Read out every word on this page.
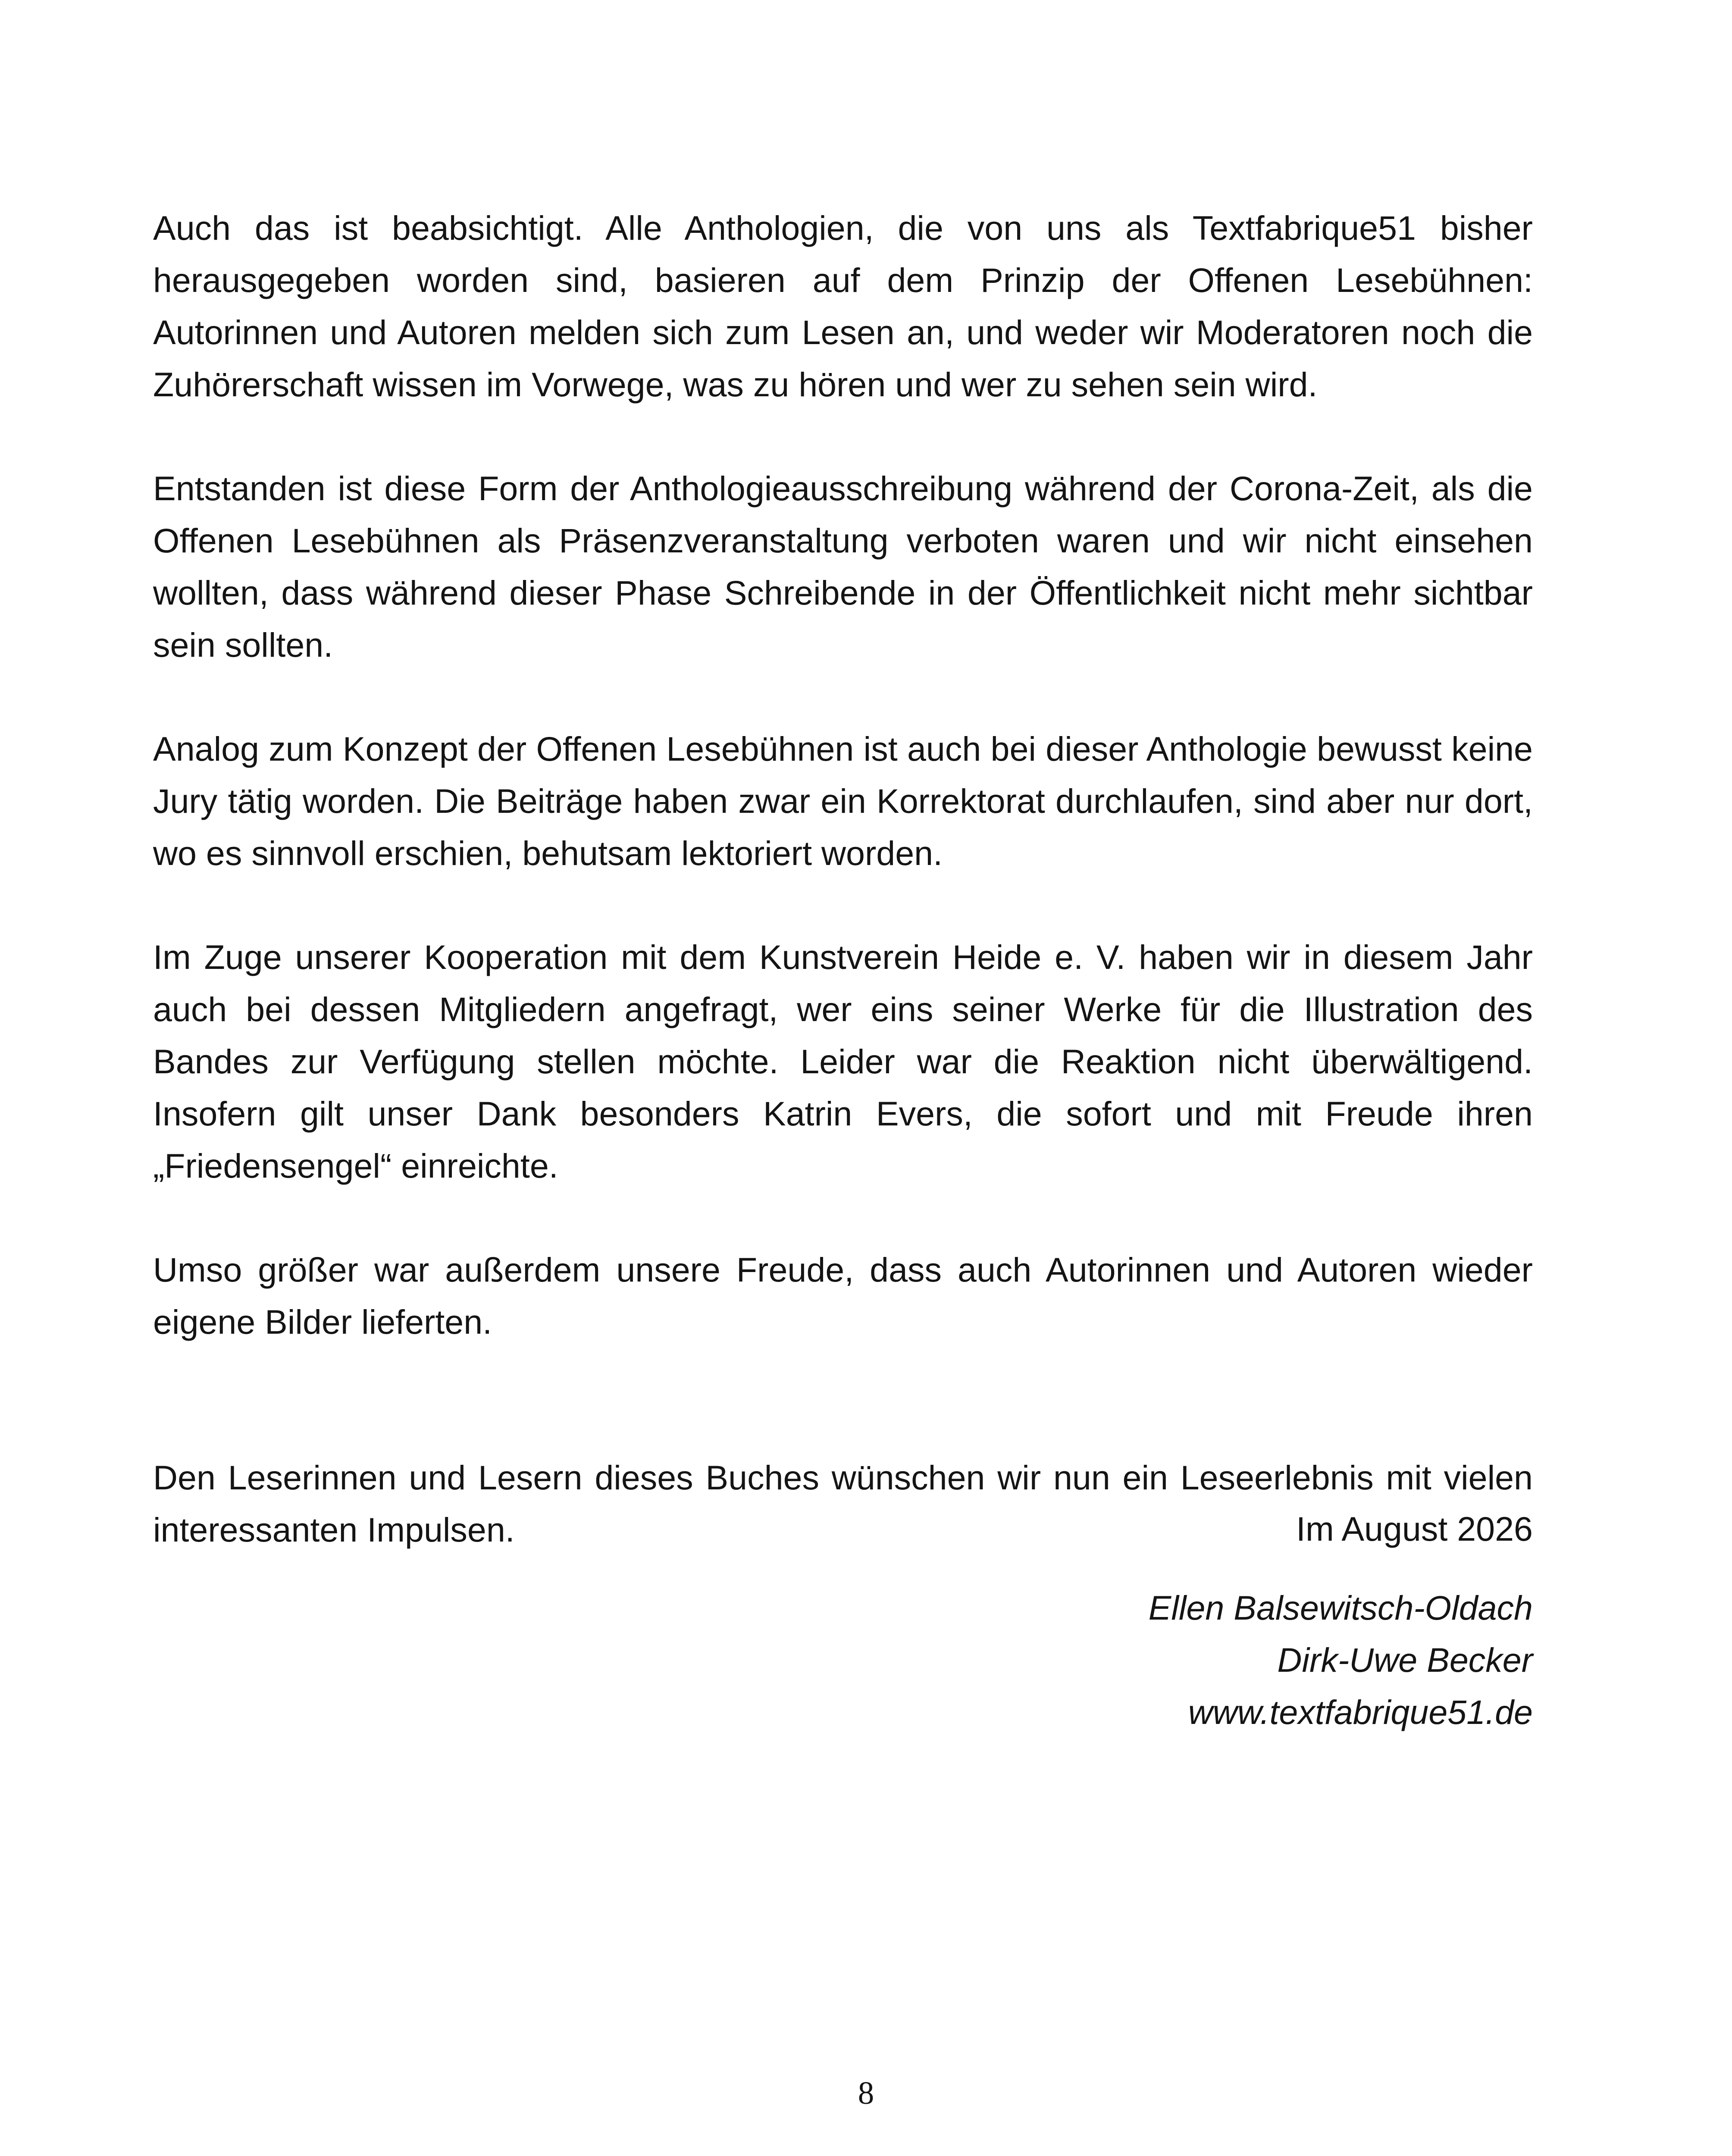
Auch das ist beabsichtigt. Alle Anthologien, die von uns als Textfabrique51 bisher herausgegeben worden sind, basieren auf dem Prinzip der Offenen Lesebühnen: Autorinnen und Autoren melden sich zum Lesen an, und weder wir Moderatoren noch die Zuhörerschaft wissen im Vorwege, was zu hören und wer zu sehen sein wird.

Entstanden ist diese Form der Anthologieausschreibung während der Corona-Zeit, als die Offenen Lesebühnen als Präsenzveranstaltung verboten waren und wir nicht einsehen wollten, dass während dieser Phase Schreibende in der Öffentlichkeit nicht mehr sichtbar sein sollten.

Analog zum Konzept der Offenen Lesebühnen ist auch bei dieser Anthologie bewusst keine Jury tätig worden. Die Beiträge haben zwar ein Korrektorat durchlaufen, sind aber nur dort, wo es sinnvoll erschien, behutsam lektoriert worden.

Im Zuge unserer Kooperation mit dem Kunstverein Heide e. V. haben wir in diesem Jahr auch bei dessen Mitgliedern angefragt, wer eins seiner Werke für die Illustration des Bandes zur Verfügung stellen möchte. Leider war die Reaktion nicht überwältigend. Insofern gilt unser Dank besonders Katrin Evers, die sofort und mit Freude ihren „Friedensengel“ einreichte.

Umso größer war außerdem unsere Freude, dass auch Autorinnen und Autoren wieder eigene Bilder lieferten.

Den Leserinnen und Lesern dieses Buches wünschen wir nun ein Leseerlebnis mit vielen interessanten Impulsen.	Im August 2026

Ellen Balsewitsch-Oldach

Dirk-Uwe Becker

www.textfabrique51.de

8
